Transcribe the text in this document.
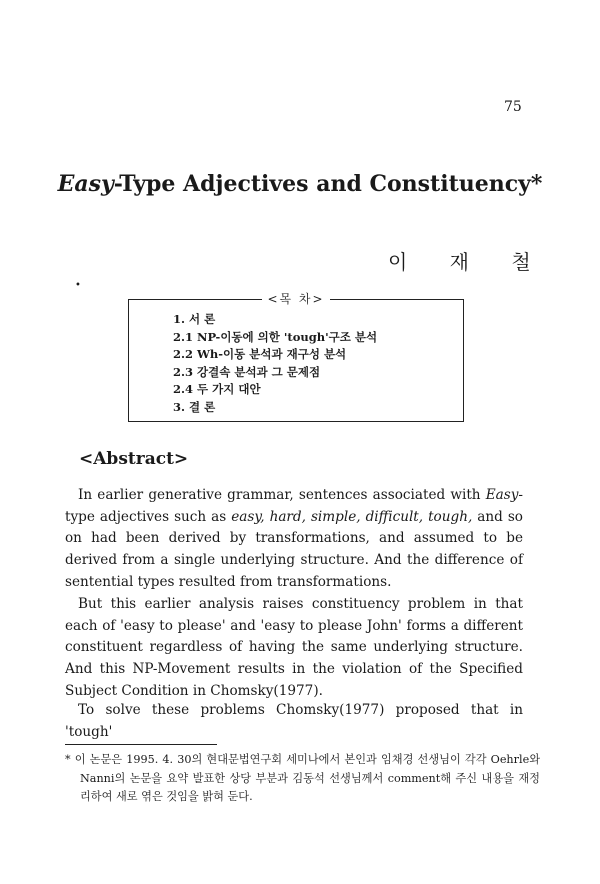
75
Easy-Type Adjectives and Constituency*
이 재 철
•
<목 차>
1. 서 론
2.1 NP-이동에 의한 'tough'구조 분석
2.2 Wh-이동 분석과 재구성 분석
2.3 강결속 분석과 그 문제점
2.4 두 가지 대안
3. 결 론
<Abstract>

In earlier generative grammar, sentences associated with Easy-type adjectives such as easy, hard, simple, difficult, tough, and so on had been derived by transformations, and assumed to be derived from a single underlying structure. And the difference of sentential types resulted from transformations.

But this earlier analysis raises constituency problem in that each of 'easy to please' and 'easy to please John' forms a different constituent regardless of having the same underlying structure. And this NP-Movement results in the violation of the Specified Subject Condition in Chomsky(1977).

To solve these problems Chomsky(1977) proposed that in 'tough'

* 이 논문은 1995. 4. 30의 현대문법연구회 세미나에서 본인과 임채경 선생님이 각각 Oehrle와 Nanni의 논문을 요약 발표한 상당 부분과 김동석 선생님께서 comment해 주신 내용을 재정리하여 새로 엮은 것임을 밝혀 둔다.
